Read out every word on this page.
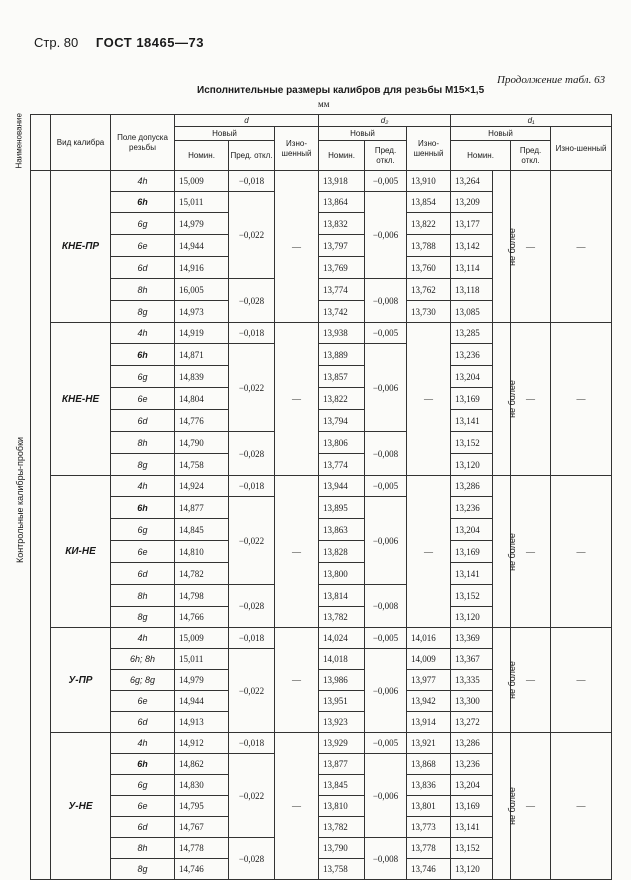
Стр. 80 ГОСТ 18465—73
Продолжение табл. 63
Исполнительные размеры калибров для резьбы М15×1,5
мм
Наименование
Контрольные калибры-пробки
	Вид калибра	Поле допуска резьбы	d			d₂			d₁			
			Новый		Изно-шенный	Новый		Изно-шенный	Новый			Изно-шенный
			Номин.	Пред. откл.		Номин.	Пред. откл.		Номин.		Пред. откл.	
	КНЕ-ПР	4h	15,009	−0,018	—	13,918	−0,005	13,910	13,264	не более	—	—
		6h	15,011	−0,022		13,864	−0,006	13,854	13,209			
		6g	14,979			13,832		13,822	13,177			
		6e	14,944			13,797		13,788	13,142			
		6d	14,916			13,769		13,760	13,114			
		8h	16,005	−0,028		13,774	−0,008	13,762	13,118			
		8g	14,973			13,742		13,730	13,085			
	КНЕ-НЕ	4h	14,919	−0,018	—	13,938	−0,005	—	13,285	не более	—	—
		6h	14,871	−0,022		13,889	−0,006		13,236			
		6g	14,839			13,857			13,204			
		6e	14,804			13,822			13,169			
		6d	14,776			13,794			13,141			
		8h	14,790	−0,028		13,806	−0,008		13,152			
		8g	14,758			13,774			13,120			
	КИ-НЕ	4h	14,924	−0,018	—	13,944	−0,005	—	13,286	не более	—	—
		6h	14,877	−0,022		13,895	−0,006		13,236			
		6g	14,845			13,863			13,204			
		6e	14,810			13,828			13,169			
		6d	14,782			13,800			13,141			
		8h	14,798	−0,028		13,814	−0,008		13,152			
		8g	14,766			13,782			13,120			
	У-ПР	4h	15,009	−0,018	—	14,024	−0,005	14,016	13,369	не более	—	—
		6h; 8h	15,011	−0,022		14,018	−0,006	14,009	13,367			
		6g; 8g	14,979			13,986		13,977	13,335			
		6e	14,944			13,951		13,942	13,300			
		6d	14,913			13,923		13,914	13,272			
	У-НЕ	4h	14,912	−0,018	—	13,929	−0,005	13,921	13,286	не более	—	—
		6h	14,862	−0,022		13,877	−0,006	13,868	13,236			
		6g	14,830			13,845		13,836	13,204			
		6e	14,795			13,810		13,801	13,169			
		6d	14,767			13,782		13,773	13,141			
		8h	14,778	−0,028		13,790	−0,008	13,778	13,152			
		8g	14,746			13,758		13,746	13,120			
